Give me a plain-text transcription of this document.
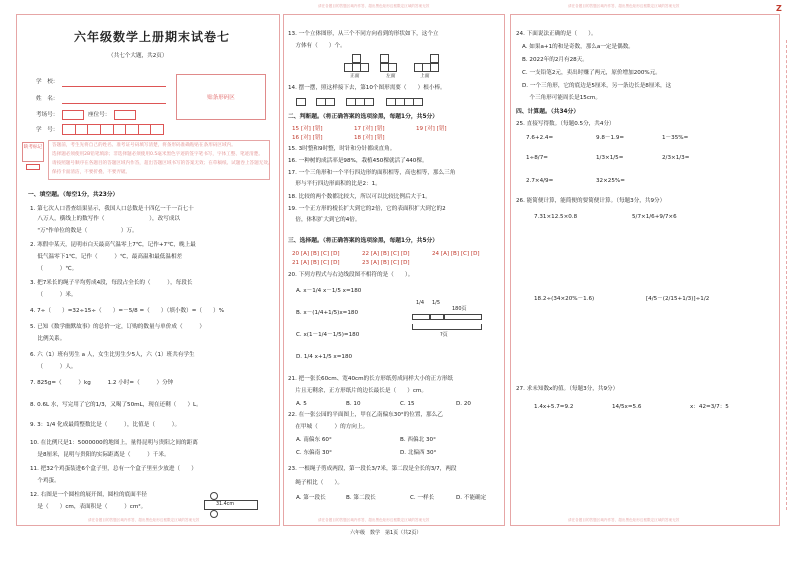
请在各题目的答题区域内作答，超出黑色矩形边框限定区域的答案无效	请在各题目的答题区域内作答，超出黑色矩形边框限定区域的答案无效	Z
请在各题目的答题区域内作答，超出黑色矩形边框限定区域的答案无效	请在各题目的答题区域内作答，超出黑色矩形边框限定区域的答案无效	请在各题目的答题区域内作答，超出黑色矩形边框限定区域的答案无效
六年级数学上册期末试卷七
（共七个大题，共2页）
学　校：
姓　名：
考场号：	座位号：
学　号：
贴条形码区
缺考标记	答题前，考生先将自己的姓名、准考证号码填写清楚，将条形码准确粘贴在条形码区域内。
选择题必须使用2B铅笔填涂；非选择题必须使用0.5毫米黑色字迹的签字笔书写，字体工整、笔迹清楚。
请按照题号顺序在各题目的答题区域内作答，超出答题区域书写的答案无效；在草稿纸、试题卷上答题无效。
保持卡面清洁，不要折叠、不要弄破。
一、填空题。（每空1分，共23分）
1. 第七次人口普查结果显示，我国人口总数是十四亿一千一百七十
　 八万人，横线上的数写作（　　　　　　　　），改写成以
　 "万"作单位的数是（　　　　　　）万。
2. 寒假中某天，昆明市白天最高气温零上7℃，记作+7℃，晚上最
　 低气温零下1℃，记作（　　　）℃，最高温和最低温相差
　 （　　　）℃。
3. 把7米长的绳子平均剪成4段，每段占全长的（　　　），每段长
　 （　　　）米。
4. 7÷（　　）=32÷15÷（　　）=－5/8 =（　　）（填小数）=（　　）%
5. 已知《数学幽默故事》的总价一定，订购的数量与单价成（　　　）
　 比例关系。
6. 六（1）班有男生 a 人，女生比男生少5人，六（1）班共有学生
　 （　　　）人。
7. 825g=（　　　）kg　　　1.2 小时=（　　　）分钟
8. 0.6L 水，写完用了它的1/3，又喝了50mL，现在还剩（　　）L。
9. 3：1/4 化成最简整数比是（　　　），比值是（　　　）。
10. 在比例尺是1：5000000的地图上，量得昆明与贵阳之间的距离
　 是8厘米，昆明与贵阳的实际距离是（　　　）千米。
11. 把32个鸡蛋装进6个盒子里，总有一个盒子里至少放进（　　）
　 个鸡蛋。
12. 右图是一个圆柱的展开图，圆柱的底面半径
　 是（　　）cm，表面积是（　　　）cm²。	31.4cm
13. 一个立体图形，从三个不同方向看到的形状如下，这个立
　 方体有（　　）个。
正面	左面	上面
14. 摆一摆，照这样接下去，第10个图形需要（　　）根小棒。
二、判断题。（将正确答案的选项涂黑，每题1分，共5分）
15 [对] [错]	17 [对] [错]	19 [对] [错]
16 [对] [错]	18 [对] [错]
15. 3时整和9时整，时针和分针都成直角。
16. 一种树的成活率是98%，栽植450棵就活了440棵。
17. 一个三角形和一个平行四边形的面积相等，高也相等，那么三角
　 形与平行四边形面积的比是2：1。
18. 比较的两个数都比较大，所以可以比较比例后大于1。
19. 一个正方形的棱长扩大到它的2倍，它的表面积扩大到它的2
　 倍，体积扩大到它的4倍。
三、选择题。（将正确答案的选项涂黑，每题1分，共5分）
20 [A] [B] [C] [D]	22 [A] [B] [C] [D]	24 [A] [B] [C] [D]
21 [A] [B] [C] [D]	23 [A] [B] [C] [D]
20. 下列方程式与右边线段图不相符的是（　　）。
A. x－1/4 x－1/5 x=180
B. x－(1/4+1/5)x=180
C. x(1－1/4－1/5)=180
D. 1/4 x+1/5 x=180
1/4 1/5
180页
?页
21. 把一张长60cm、宽40cm的长方形纸剪成同样大小的正方形纸
　 片且无剩余，正方形纸片的边长最长是（　　）cm。
A. 5	B. 10	C. 15	D. 20
22. 在一张公园的平面图上，甲在乙南偏东30°的位置，那么乙
　 在甲城（　　　）的方向上。
A. 南偏东 60°	B. 西偏北 30°
C. 东偏南 30°	D. 北偏西 30°
23. 一根绳子剪成两段，第一段长3/7米，第二段是全长的3/7，两段
　 绳子相比（　　）。
A. 第一段长	B. 第二段长	C. 一样长	D. 不能确定
六年级　数学　第1页（共2页）
24. 下面说法正确的是（　　）。
A. 如果a+1的和是奇数，那么a一定是偶数。
B. 2022年的2月有28天。
C. 一支铅笔2元，卖出时赚了两元，原价增加200%元。
D. 一个三角形，它的底边是5厘米，另一条边长是8厘米，这
　 个三角形可能周长是15cm。
四、计算题。（共34分）
25. 直接写得数。（每题0.5分，共4分）
7.6+2.4=	9.8－1.9=	1－35%=
1÷8/7=	1/3×1/5=	2/3×1/3=
2.7×4/9=	32×25%=
26. 能简便计算，能简便的要简便计算。（每题3分，共9分）
7.31×12.5×0.8	5/7×1/6+9/7×6
18.2÷(34×20%－1.6)	[4/5－(2/15+1/3)]÷1/2
27. 求未知数x的值。（每题3分，共9分）
1.4x+5.7=9.2	14/5x=5.6	x：42=3/7：5
